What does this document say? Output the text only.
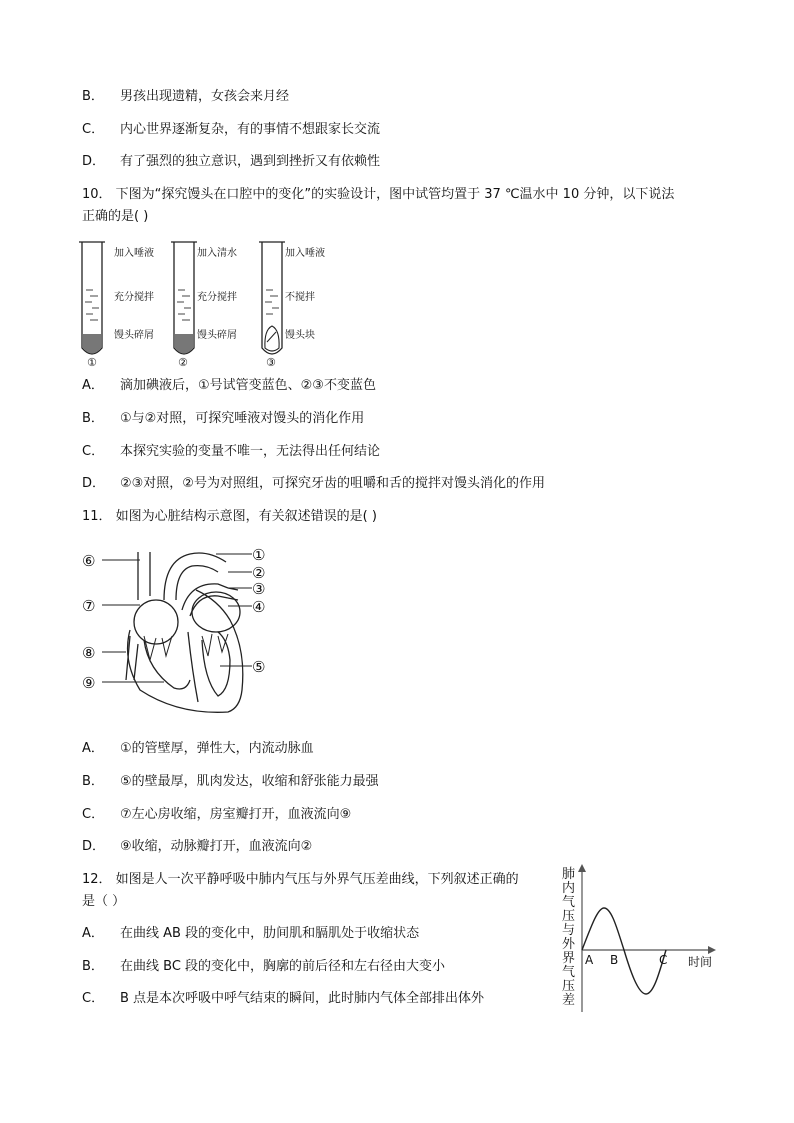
B． 男孩出现遗精，女孩会来月经
C． 内心世界逐渐复杂，有的事情不想跟家长交流
D． 有了强烈的独立意识，遇到到挫折又有依赖性
10． 下图为“探究馒头在口腔中的变化”的实验设计，图中试管均置于 37 ℃温水中 10 分钟，以下说法
正确的是( )
加入唾液
充分搅拌
馒头碎屑
①
加入清水
充分搅拌
馒头碎屑
②
加入唾液
不搅拌
馒头块
③
A． 滴加碘液后，①号试管变蓝色、②③不变蓝色
B． ①与②对照，可探究唾液对馒头的消化作用
C． 本探究实验的变量不唯一，无法得出任何结论
D． ②③对照，②号为对照组，可探究牙齿的咀嚼和舌的搅拌对馒头消化的作用
11． 如图为心脏结构示意图，有关叙述错误的是( )
①
②
③
④
⑤
⑥
⑦
⑧
⑨
A． ①的管壁厚，弹性大，内流动脉血
B． ⑤的壁最厚，肌肉发达，收缩和舒张能力最强
C． ⑦左心房收缩，房室瓣打开，血液流向⑨
D． ⑨收缩，动脉瓣打开，血液流向②
12． 如图是人一次平静呼吸中肺内气压与外界气压差曲线，下列叙述正确的
是（ ）
A． 在曲线 AB 段的变化中，肋间肌和膈肌处于收缩状态
B． 在曲线 BC 段的变化中，胸廓的前后径和左右径由大变小
C． B 点是本次呼吸中呼气结束的瞬间，此时肺内气体全部排出体外
肺
内
气
压
与
外
界
气
压
差
A B	C 时间
